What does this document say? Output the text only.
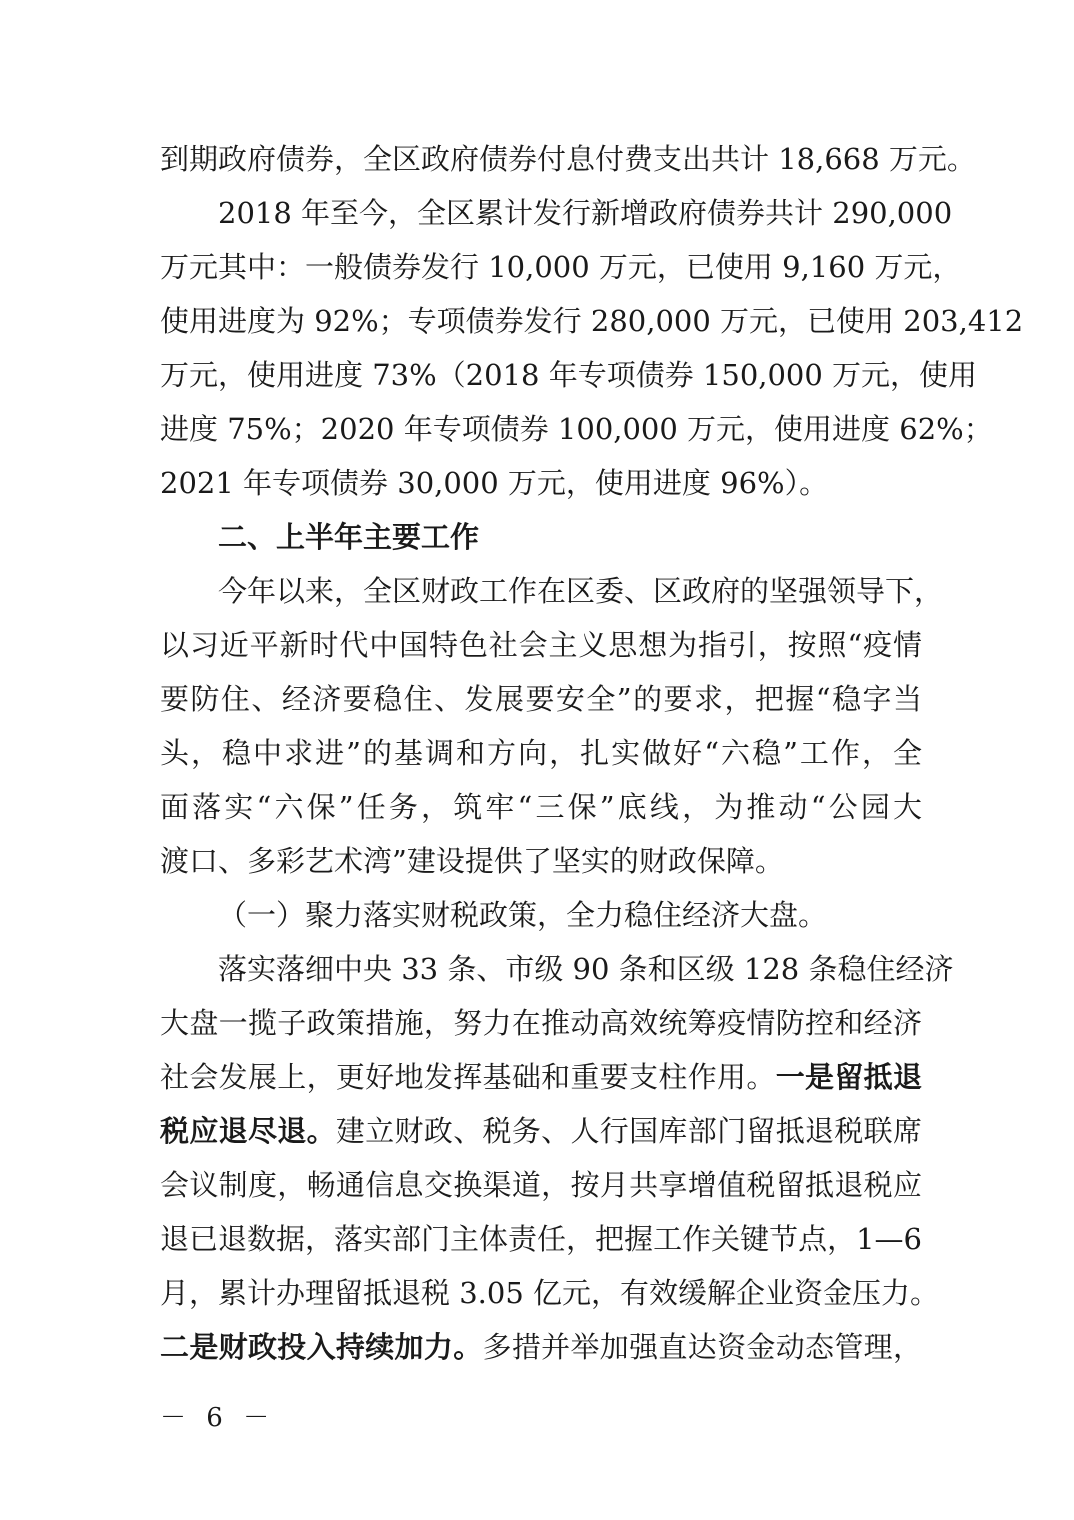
到期政府债券，全区政府债券付息付费支出共计 18,668 万元。
2018 年至今，全区累计发行新增政府债券共计 290,000
万元其中：一般债券发行 10,000 万元，已使用 9,160 万元，
使用进度为 92%；专项债券发行 280,000 万元，已使用 203,412
万元，使用进度 73%（2018 年专项债券 150,000 万元，使用
进度 75%；2020 年专项债券 100,000 万元，使用进度 62%；
2021 年专项债券 30,000 万元，使用进度 96%）。
二、上半年主要工作
今年以来，全区财政工作在区委、区政府的坚强领导下，
以习近平新时代中国特色社会主义思想为指引，按照“疫情
要防住、经济要稳住、发展要安全”的要求，把握“稳字当
头，稳中求进”的基调和方向，扎实做好“六稳”工作，全
面落实“六保”任务，筑牢“三保”底线，为推动“公园大
渡口、多彩艺术湾”建设提供了坚实的财政保障。
（一）聚力落实财税政策，全力稳住经济大盘。
落实落细中央 33 条、市级 90 条和区级 128 条稳住经济
大盘一揽子政策措施，努力在推动高效统筹疫情防控和经济
社会发展上，更好地发挥基础和重要支柱作用。一是留抵退
税应退尽退。建立财政、税务、人行国库部门留抵退税联席
会议制度，畅通信息交换渠道，按月共享增值税留抵退税应
退已退数据，落实部门主体责任，把握工作关键节点，1—6
月，累计办理留抵退税 3.05 亿元，有效缓解企业资金压力。
二是财政投入持续加力。多措并举加强直达资金动态管理，
－ 6 －
